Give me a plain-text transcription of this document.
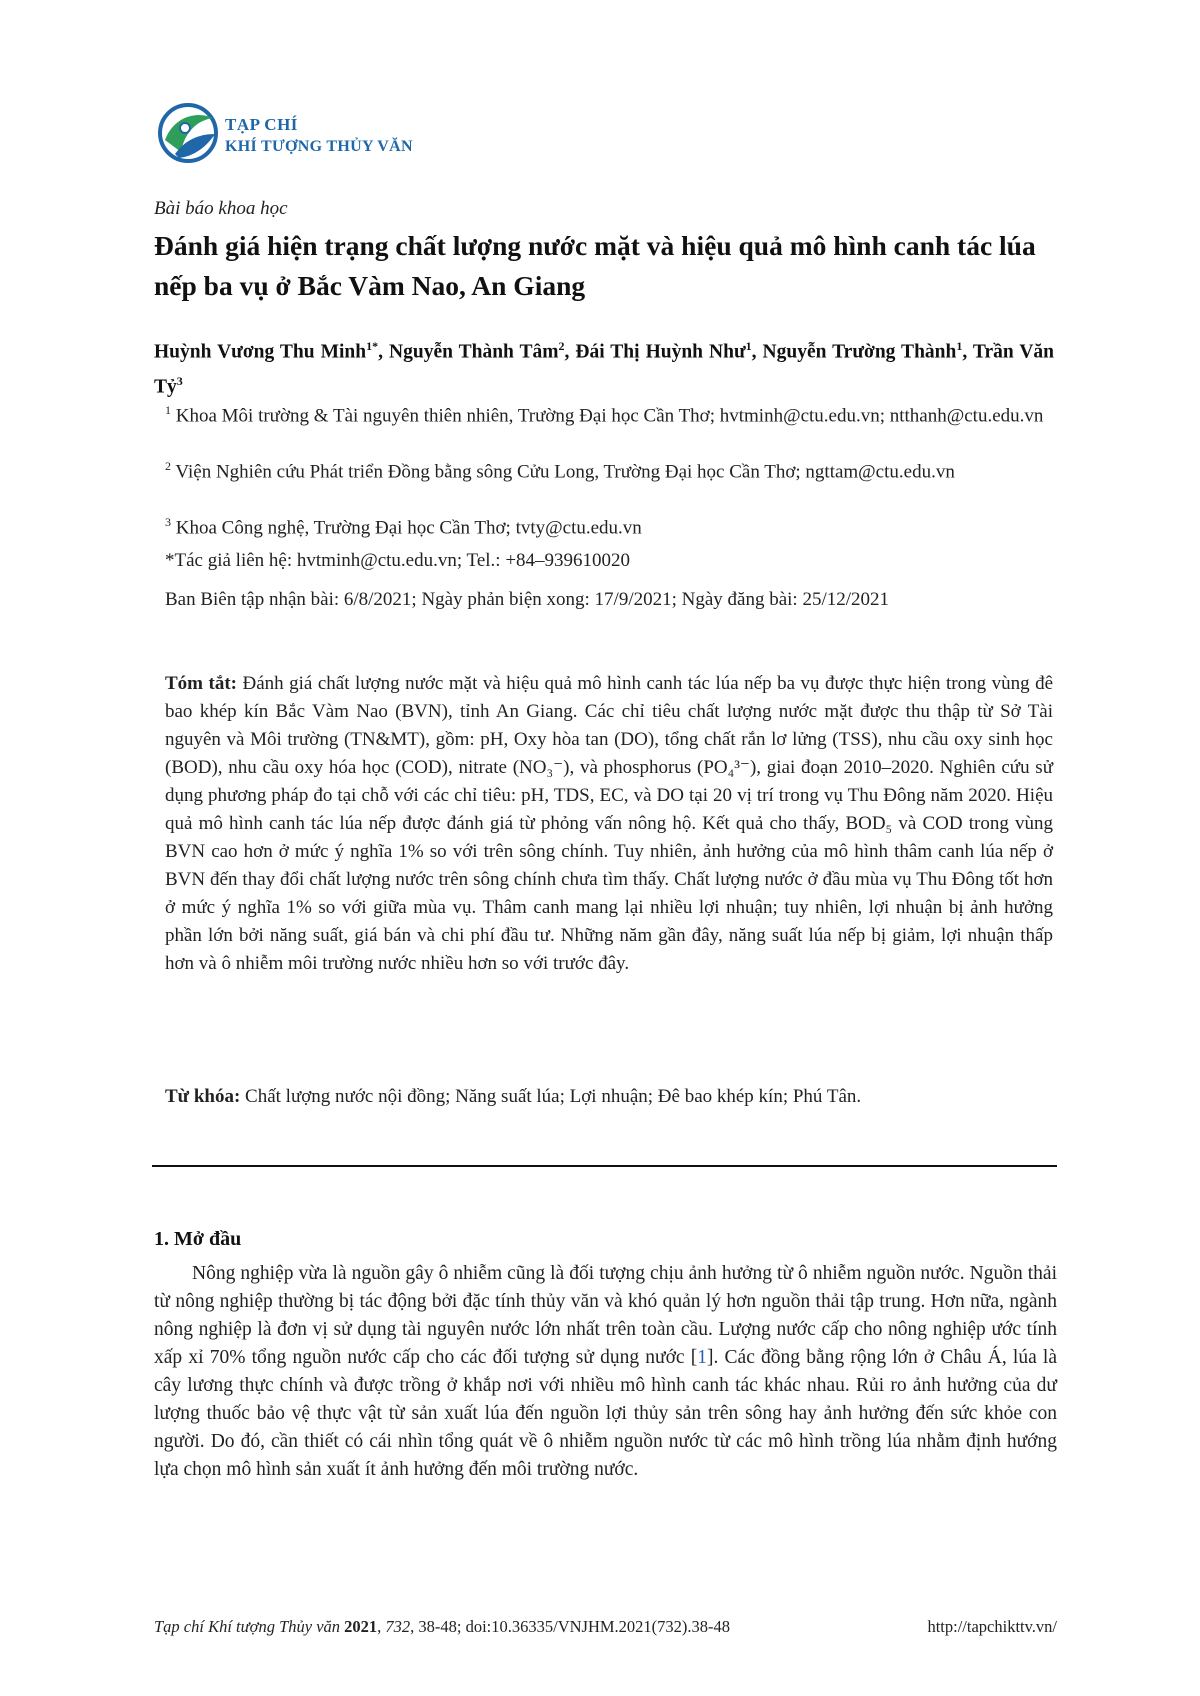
TẠP CHÍ
KHÍ TƯỢNG THỦY VĂN
Bài báo khoa học
Đánh giá hiện trạng chất lượng nước mặt và hiệu quả mô hình canh tác lúa nếp ba vụ ở Bắc Vàm Nao, An Giang
Huỳnh Vương Thu Minh$^{1*}$, Nguyễn Thành Tâm$^2$, Đái Thị Huỳnh Như$^1$, Nguyễn Trường Thành$^1$, Trần Văn Tỷ$^3$
$^1$ Khoa Môi trường & Tài nguyên thiên nhiên, Trường Đại học Cần Thơ; hvtminh@ctu.edu.vn; ntthanh@ctu.edu.vn
$^2$ Viện Nghiên cứu Phát triển Đồng bằng sông Cửu Long, Trường Đại học Cần Thơ; ngttam@ctu.edu.vn
$^3$ Khoa Công nghệ, Trường Đại học Cần Thơ; tvty@ctu.edu.vn
*Tác giả liên hệ: hvtminh@ctu.edu.vn; Tel.: +84–939610020
Ban Biên tập nhận bài: 6/8/2021; Ngày phản biện xong: 17/9/2021; Ngày đăng bài: 25/12/2021
Tóm tắt: Đánh giá chất lượng nước mặt và hiệu quả mô hình canh tác lúa nếp ba vụ được thực hiện trong vùng đê bao khép kín Bắc Vàm Nao (BVN), tỉnh An Giang. Các chỉ tiêu chất lượng nước mặt được thu thập từ Sở Tài nguyên và Môi trường (TN&MT), gồm: pH, Oxy hòa tan (DO), tổng chất rắn lơ lửng (TSS), nhu cầu oxy sinh học (BOD), nhu cầu oxy hóa học (COD), nitrate (NO₃⁻), và phosphorus (PO₄³⁻), giai đoạn 2010–2020. Nghiên cứu sử dụng phương pháp đo tại chỗ với các chỉ tiêu: pH, TDS, EC, và DO tại 20 vị trí trong vụ Thu Đông năm 2020. Hiệu quả mô hình canh tác lúa nếp được đánh giá từ phỏng vấn nông hộ. Kết quả cho thấy, BOD₅ và COD trong vùng BVN cao hơn ở mức ý nghĩa 1% so với trên sông chính. Tuy nhiên, ảnh hưởng của mô hình thâm canh lúa nếp ở BVN đến thay đổi chất lượng nước trên sông chính chưa tìm thấy. Chất lượng nước ở đầu mùa vụ Thu Đông tốt hơn ở mức ý nghĩa 1% so với giữa mùa vụ. Thâm canh mang lại nhiều lợi nhuận; tuy nhiên, lợi nhuận bị ảnh hưởng phần lớn bởi năng suất, giá bán và chi phí đầu tư. Những năm gần đây, năng suất lúa nếp bị giảm, lợi nhuận thấp hơn và ô nhiễm môi trường nước nhiều hơn so với trước đây.
Từ khóa: Chất lượng nước nội đồng; Năng suất lúa; Lợi nhuận; Đê bao khép kín; Phú Tân.
1. Mở đầu
Nông nghiệp vừa là nguồn gây ô nhiễm cũng là đối tượng chịu ảnh hưởng từ ô nhiễm nguồn nước. Nguồn thải từ nông nghiệp thường bị tác động bởi đặc tính thủy văn và khó quản lý hơn nguồn thải tập trung. Hơn nữa, ngành nông nghiệp là đơn vị sử dụng tài nguyên nước lớn nhất trên toàn cầu. Lượng nước cấp cho nông nghiệp ước tính xấp xỉ 70% tổng nguồn nước cấp cho các đối tượng sử dụng nước [1]. Các đồng bằng rộng lớn ở Châu Á, lúa là cây lương thực chính và được trồng ở khắp nơi với nhiều mô hình canh tác khác nhau. Rủi ro ảnh hưởng của dư lượng thuốc bảo vệ thực vật từ sản xuất lúa đến nguồn lợi thủy sản trên sông hay ảnh hưởng đến sức khỏe con người. Do đó, cần thiết có cái nhìn tổng quát về ô nhiễm nguồn nước từ các mô hình trồng lúa nhằm định hướng lựa chọn mô hình sản xuất ít ảnh hưởng đến môi trường nước.
Tạp chí Khí tượng Thủy văn 2021, 732, 38-48; doi:10.36335/VNJHM.2021(732).38-48	http://tapchikttv.vn/
